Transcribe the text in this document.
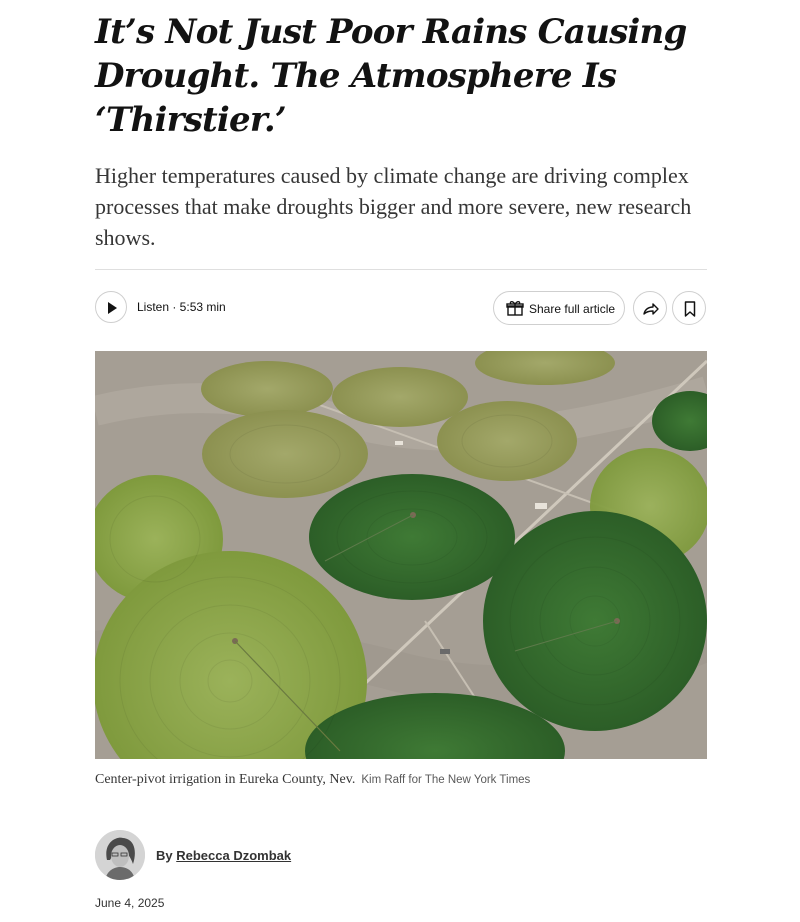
It’s Not Just Poor Rains Causing Drought. The Atmosphere Is ‘Thirstier.’

Higher temperatures caused by climate change are driving complex processes that make droughts bigger and more severe, new research shows.

Listen · 5:53 min	Share full article
Center-pivot irrigation in Eureka County, Nev. Kim Raff for The New York Times
By Rebecca Dzombak
June 4, 2025
